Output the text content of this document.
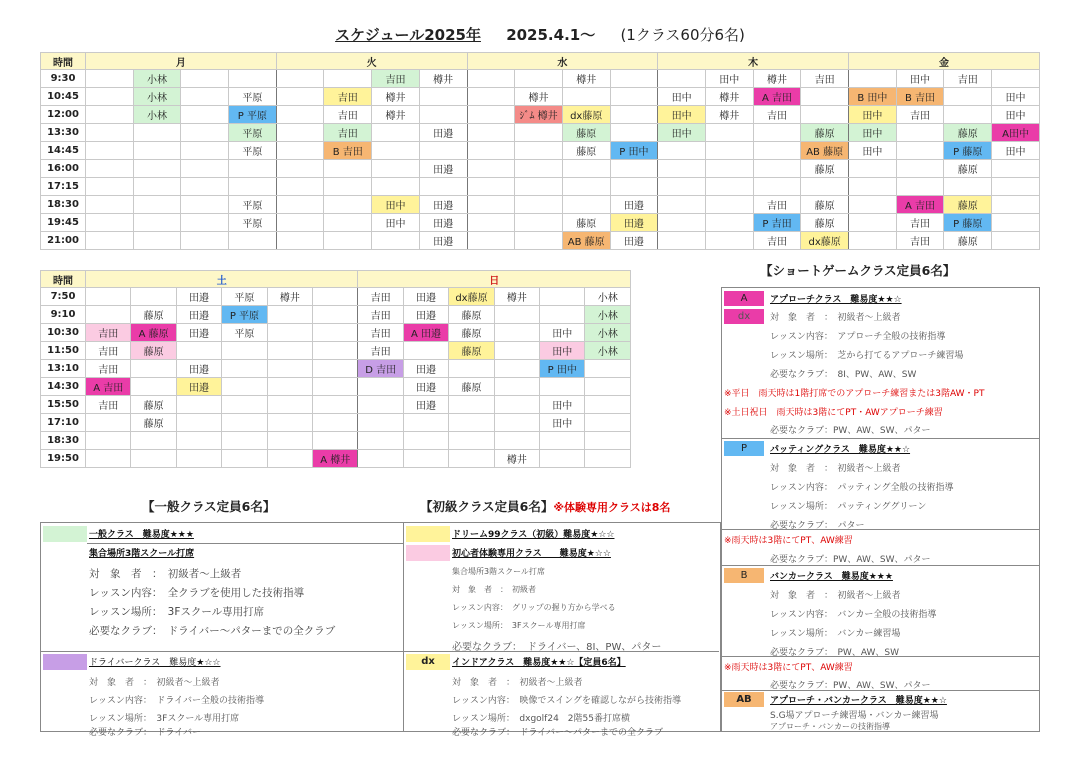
スケジュール2025年 2025.4.1～ (1クラス60分6名)
時間	月				火				水				木				金			
9:30		小林					吉田	樽井			樽井			田中	樽井	吉田		田中	吉田	
10:45		小林		平原		吉田	樽井			樽井			田中	樽井	A 吉田		B 田中	B 吉田		田中
12:00		小林		P 平原		吉田	樽井			ｼﾞﾑ 樽井	dx藤原		田中	樽井	吉田		田中	吉田		田中
13:30				平原		吉田		田邉			藤原		田中			藤原	田中		藤原	A田中
14:45				平原		B 吉田					藤原	P 田中				AB 藤原	田中		P 藤原	田中
16:00								田邉								藤原			藤原	
17:15																				
18:30				平原			田中	田邉				田邉			吉田	藤原		A 吉田	藤原	
19:45				平原			田中	田邉			藤原	田邉			P 吉田	藤原		吉田	P 藤原	
21:00								田邉			AB 藤原	田邉			吉田	dx藤原		吉田	藤原	
時間	土						日					
7:50			田邉	平原	樽井		吉田	田邉	dx藤原	樽井		小林
9:10		藤原	田邉	P 平原			吉田	田邉	藤原			小林
10:30	吉田	A 藤原	田邉	平原			吉田	A 田邉	藤原		田中	小林
11:50	吉田	藤原					吉田		藤原		田中	小林
13:10	吉田		田邉				D 吉田	田邉			P 田中	
14:30	A 吉田		田邉					田邉	藤原			
15:50	吉田	藤原						田邉			田中	
17:10		藤原									田中	
18:30												
19:50						A 樽井				樽井		
【一般クラス定員6名】
一般クラス　難易度★★★
集合場所3階スクール打席
対　象　者　：　初級者～上級者
レッスン内容：　全クラブを使用した技術指導
レッスン場所：　3Fスクール専用打席
必要なクラブ：　ドライバー～パターまでの全クラブ
ドライバークラス　難易度★☆☆
対　象　者　：　初級者～上級者
レッスン内容：　ドライバー全般の技術指導
レッスン場所：　3Fスクール専用打席
必要なクラブ：　ドライバー
【初級クラス定員6名】※体験専用クラスは8名
ドリーム99クラス（初級）難易度★☆☆
初心者体験専用クラス　　難易度★☆☆
集合場所3階スクール打席
対　象　者　：　初級者
レッスン内容：　グリップの握り方から学べる
レッスン場所：　3Fスクール専用打席
必要なクラブ：　ドライバー、8I、PW、パター
dx	インドアクラス　難易度★★☆【定員6名】
対　象　者　：　初級者～上級者
レッスン内容：　映像でスイングを確認しながら技術指導
レッスン場所：　dxgolf24　2階55番打席横
必要なクラブ：　ドライバー～パターまでの全クラブ
【ショートゲームクラス定員6名】
A	アプローチクラス　難易度★★☆
dx	対　象　者　：　初級者～上級者
レッスン内容：　アプローチ全般の技術指導
レッスン場所：　芝から打てるアプローチ練習場
必要なクラブ：　8I、PW、AW、SW
※平日　雨天時は1階打席でのアプローチ練習または3階AW・PT
※土日祝日　雨天時は3階にてPT・AWアプローチ練習
必要なクラブ：PW、AW、SW、パター
P	パッティングクラス　難易度★★☆
対　象　者　：　初級者～上級者
レッスン内容：　パッティング全般の技術指導
レッスン場所：　パッティンググリーン
必要なクラブ：　パター
※雨天時は3階にてPT、AW練習
必要なクラブ：PW、AW、SW、パター
B	バンカークラス　難易度★★★
対　象　者　：　初級者～上級者
レッスン内容：　バンカー全般の技術指導
レッスン場所：　バンカー練習場
必要なクラブ：　PW、AW、SW
※雨天時は3階にてPT、AW練習
必要なクラブ：PW、AW、SW、パター
AB	アプローチ・バンカークラス　難易度★★☆
S.G場アプローチ練習場・バンカー練習場
アプローチ・バンカーの技術指導
